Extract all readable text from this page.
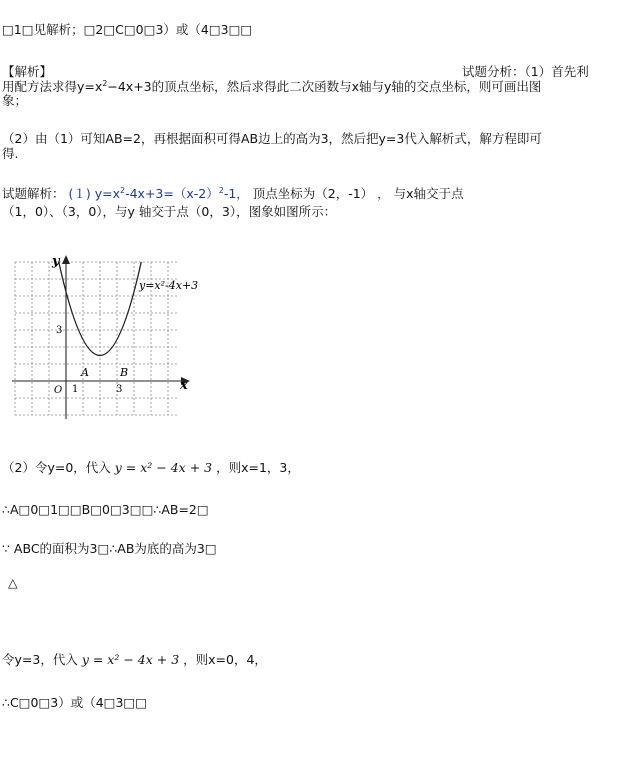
□1□见解析；□2□C□0□3）或（4□3□□
【解析】	试题分析：（1）首先利
用配方法求得$y=x^2-4x+3$的顶点坐标，然后求得此二次函数与x轴与y轴的交点坐标，则可画出图
象；
（2）由（1）可知AB=2，再根据面积可得AB边上的高为3，然后把y=3代入解析式，解方程即可
得.
试题解析： (１) $y=x^2-4x+3=(x-2)^2-1$， 顶点坐标为（2，-1） ， 与x轴交于点
（1，0）、（3，0），与y 轴交于点（0，3），图象如图所示：
y
x
y=x²-4x+3
3
O 1	3
A	B
（2）令y=0，代入 y = x² − 4x + 3 ，则x=1，3，
∴A□0□1□□B□0□3□□∴AB=2□
∵ ABC的面积为3□∴AB为底的高为3□
△
令y=3，代入 y = x² − 4x + 3 ，则x=0，4，
∴C□0□3）或（4□3□□
